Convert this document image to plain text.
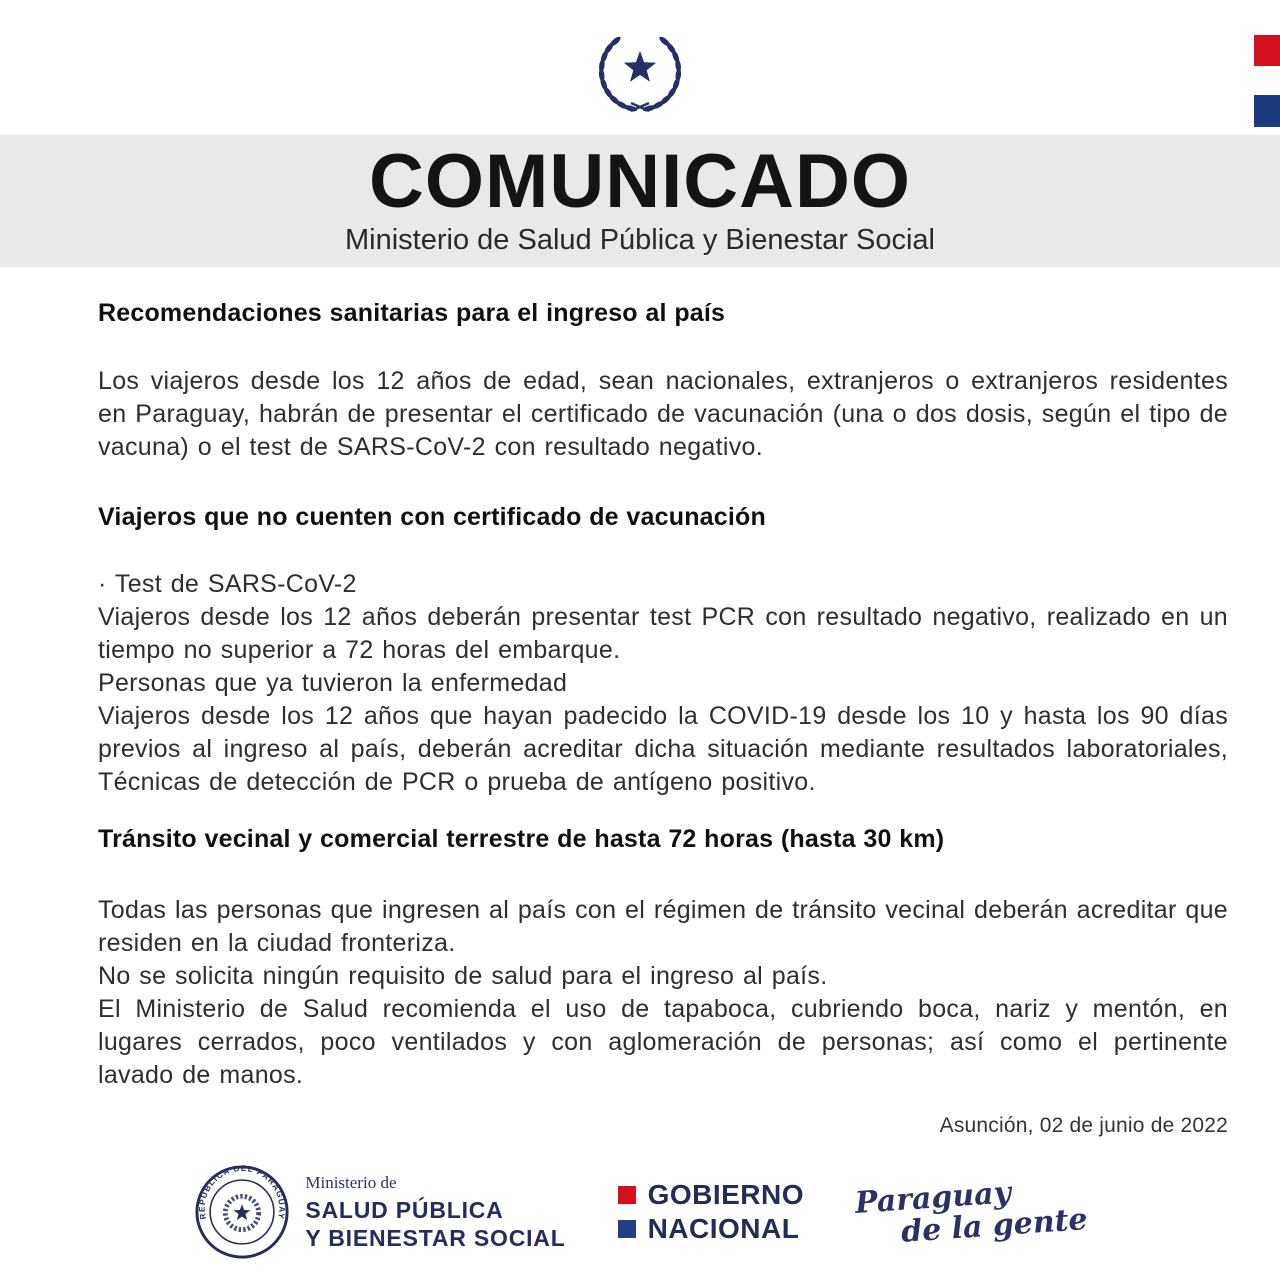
COMUNICADO
Ministerio de Salud Pública y Bienestar Social
Recomendaciones sanitarias para el ingreso al país

Los viajeros desde los 12 años de edad, sean nacionales, extranjeros o extranjeros residentes en Paraguay, habrán de presentar el certificado de vacunación (una o dos dosis, según el tipo de vacuna) o el test de SARS-CoV-2 con resultado negativo.

Viajeros que no cuenten con certificado de vacunación

· Test de SARS-CoV-2

Viajeros desde los 12 años deberán presentar test PCR con resultado negativo, realizado en un tiempo no superior a 72 horas del embarque.

Personas que ya tuvieron la enfermedad

Viajeros desde los 12 años que hayan padecido la COVID-19 desde los 10 y hasta los 90 días previos al ingreso al país, deberán acreditar dicha situación mediante resultados laboratoriales, Técnicas de detección de PCR o prueba de antígeno positivo.

Tránsito vecinal y comercial terrestre de hasta 72 horas (hasta 30 km)

Todas las personas que ingresen al país con el régimen de tránsito vecinal deberán acreditar que residen en la ciudad fronteriza.

No se solicita ningún requisito de salud para el ingreso al país.

El Ministerio de Salud recomienda el uso de tapaboca, cubriendo boca, nariz y mentón, en lugares cerrados, poco ventilados y con aglomeración de personas; así como el pertinente lavado de manos.

Asunción, 02 de junio de 2022

REPUBLICA DEL PARAGUAY
Ministerio de
SALUD PÚBLICA
Y BIENESTAR SOCIAL
GOBIERNO
NACIONAL
Paraguay
de la gente
